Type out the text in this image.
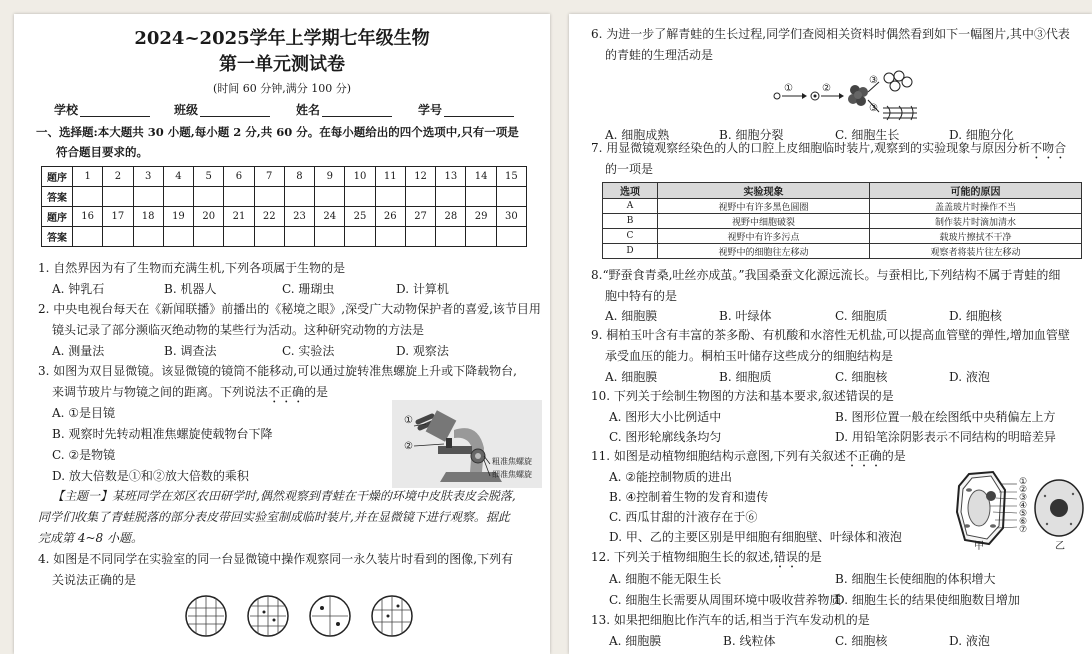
2024~2025学年上学期七年级生物
第一单元测试卷
(时间 60 分钟,满分 100 分)
学校	班级	姓名	学号
一、选择题:本大题共 30 小题,每小题 2 分,共 60 分。在每小题给出的四个选项中,只有一项是
符合题目要求的。
题序	1	2	3	4	5	6	7	8	9	10	11	12	13	14	15
答案															
题序	16	17	18	19	20	21	22	23	24	25	26	27	28	29	30
答案															
1. 自然界因为有了生物而充满生机,下列各项属于生物的是
A. 钟乳石	B. 机器人	C. 珊瑚虫	D. 计算机
2. 中央电视台每天在《新闻联播》前播出的《秘境之眼》,深受广大动物保护者的喜爱,该节目用
镜头记录了部分濒临灭绝动物的某些行为活动。这种研究动物的方法是
A. 测量法	B. 调查法	C. 实验法	D. 观察法
3. 如图为双目显微镜。该显微镜的镜筒不能移动,可以通过旋转准焦螺旋上升或下降载物台,
来调节玻片与物镜之间的距离。下列说法不正确的是
A. ①是目镜
B. 观察时先转动粗准焦螺旋使载物台下降
C. ②是物镜
D. 放大倍数是①和②放大倍数的乘积
①
②
粗准焦螺旋
细准焦螺旋
【主题一】某班同学在郊区农田研学时,偶然观察到青蛙在干燥的环境中皮肤表皮会脱落,
同学们收集了青蛙脱落的部分表皮带回实验室制成临时装片,并在显微镜下进行观察。据此
完成第 4~8 小题。
4. 如图是不同同学在实验室的同一台显微镜中操作观察同一永久装片时看到的图像,下列有
关说法正确的是
6. 为进一步了解青蛙的生长过程,同学们查阅相关资料时偶然看到如下一幅图片,其中③代表
的青蛙的生理活动是
①	②
③
③
A. 细胞成熟	B. 细胞分裂	C. 细胞生长	D. 细胞分化
7. 用显微镜观察经染色的人的口腔上皮细胞临时装片,观察到的实验现象与原因分析不吻合
的一项是
选项	实验现象	可能的原因
A	视野中有许多黑色圆圈	盖盖玻片时操作不当
B	视野中细胞破裂	制作装片时滴加清水
C	视野中有许多污点	载玻片擦拭不干净
D	视野中的细胞往左移动	观察者将装片往左移动
8.“野蚕食青桑,吐丝亦成茧。”我国桑蚕文化源远流长。与蚕相比,下列结构不属于青蛙的细
胞中特有的是
A. 细胞膜	B. 叶绿体	C. 细胞质	D. 细胞核
9. 桐柏玉叶含有丰富的茶多酚、有机酸和水溶性无机盐,可以提高血管壁的弹性,增加血管壁
承受血压的能力。桐柏玉叶储存这些成分的细胞结构是
A. 细胞膜	B. 细胞质	C. 细胞核	D. 液泡
10. 下列关于绘制生物图的方法和基本要求,叙述错误的是
A. 图形大小比例适中	B. 图形位置一般在绘图纸中央稍偏左上方
C. 图形轮廓线条均匀	D. 用铅笔涂阴影表示不同结构的明暗差异
11. 如图是动植物细胞结构示意图,下列有关叙述不正确的是
A. ②能控制物质的进出
B. ④控制着生物的发育和遗传
C. 西瓜甘甜的汁液存在于⑥
D. 甲、乙的主要区别是甲细胞有细胞壁、叶绿体和液泡
①
②
③
④
⑤
⑥
⑦
甲	乙
12. 下列关于植物细胞生长的叙述,错误的是
A. 细胞不能无限生长	B. 细胞生长使细胞的体积增大
C. 细胞生长需要从周围环境中吸收营养物质
D. 细胞生长的结果使细胞数目增加
13. 如果把细胞比作汽车的话,相当于汽车发动机的是
A. 细胞膜	B. 线粒体	C. 细胞核	D. 液泡
